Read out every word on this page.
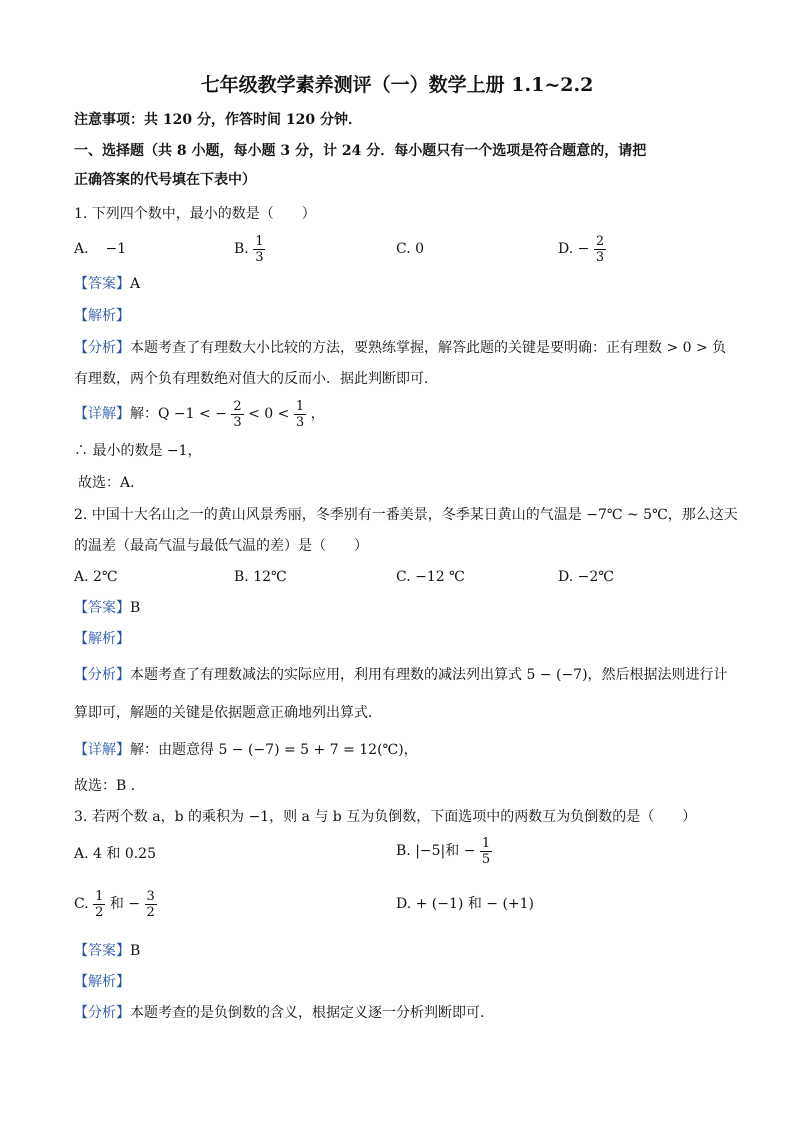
七年级教学素养测评（一）数学上册 1.1~2.2
注意事项：共 120 分，作答时间 120 分钟．
一、选择题（共 8 小题，每小题 3 分，计 24 分．每小题只有一个选项是符合题意的，请把
正确答案的代号填在下表中）
1. 下列四个数中，最小的数是（　　）
A. −1	B. $\frac{1}{3}$	C. 0	D. − $\frac{2}{3}$
【答案】A
【解析】
【分析】本题考查了有理数大小比较的方法，要熟练掌握，解答此题的关键是要明确：正有理数 > 0 > 负
有理数，两个负有理数绝对值大的反而小．据此判断即可．
【详解】解：Q −1 < − $\frac{2}{3} < 0 < \frac{1}{3}$ ，
∴ 最小的数是 −1，
故选：A．
2. 中国十大名山之一的黄山风景秀丽，冬季别有一番美景，冬季某日黄山的气温是 −7℃ ~ 5℃，那么这天
的温差（最高气温与最低气温的差）是（　　）
A. 2℃	B. 12℃	C. −12 ℃	D. −2℃
【答案】B
【解析】
【分析】本题考查了有理数减法的实际应用，利用有理数的减法列出算式 5 − (−7)，然后根据法则进行计
算即可，解题的关键是依据题意正确地列出算式．
【详解】解：由题意得 5 − (−7) = 5 + 7 = 12(℃)，
故选：B ．
3. 若两个数 a，b 的乘积为 −1，则 a 与 b 互为负倒数，下面选项中的两数互为负倒数的是（　　）
A. 4 和 0.25	B. |−5|和 − $\frac{1}{5}$
C. $\frac{1}{2}$ 和 − $\frac{3}{2}$	D. + (−1) 和 − (+1)
【答案】B
【解析】
【分析】本题考查的是负倒数的含义，根据定义逐一分析判断即可．
